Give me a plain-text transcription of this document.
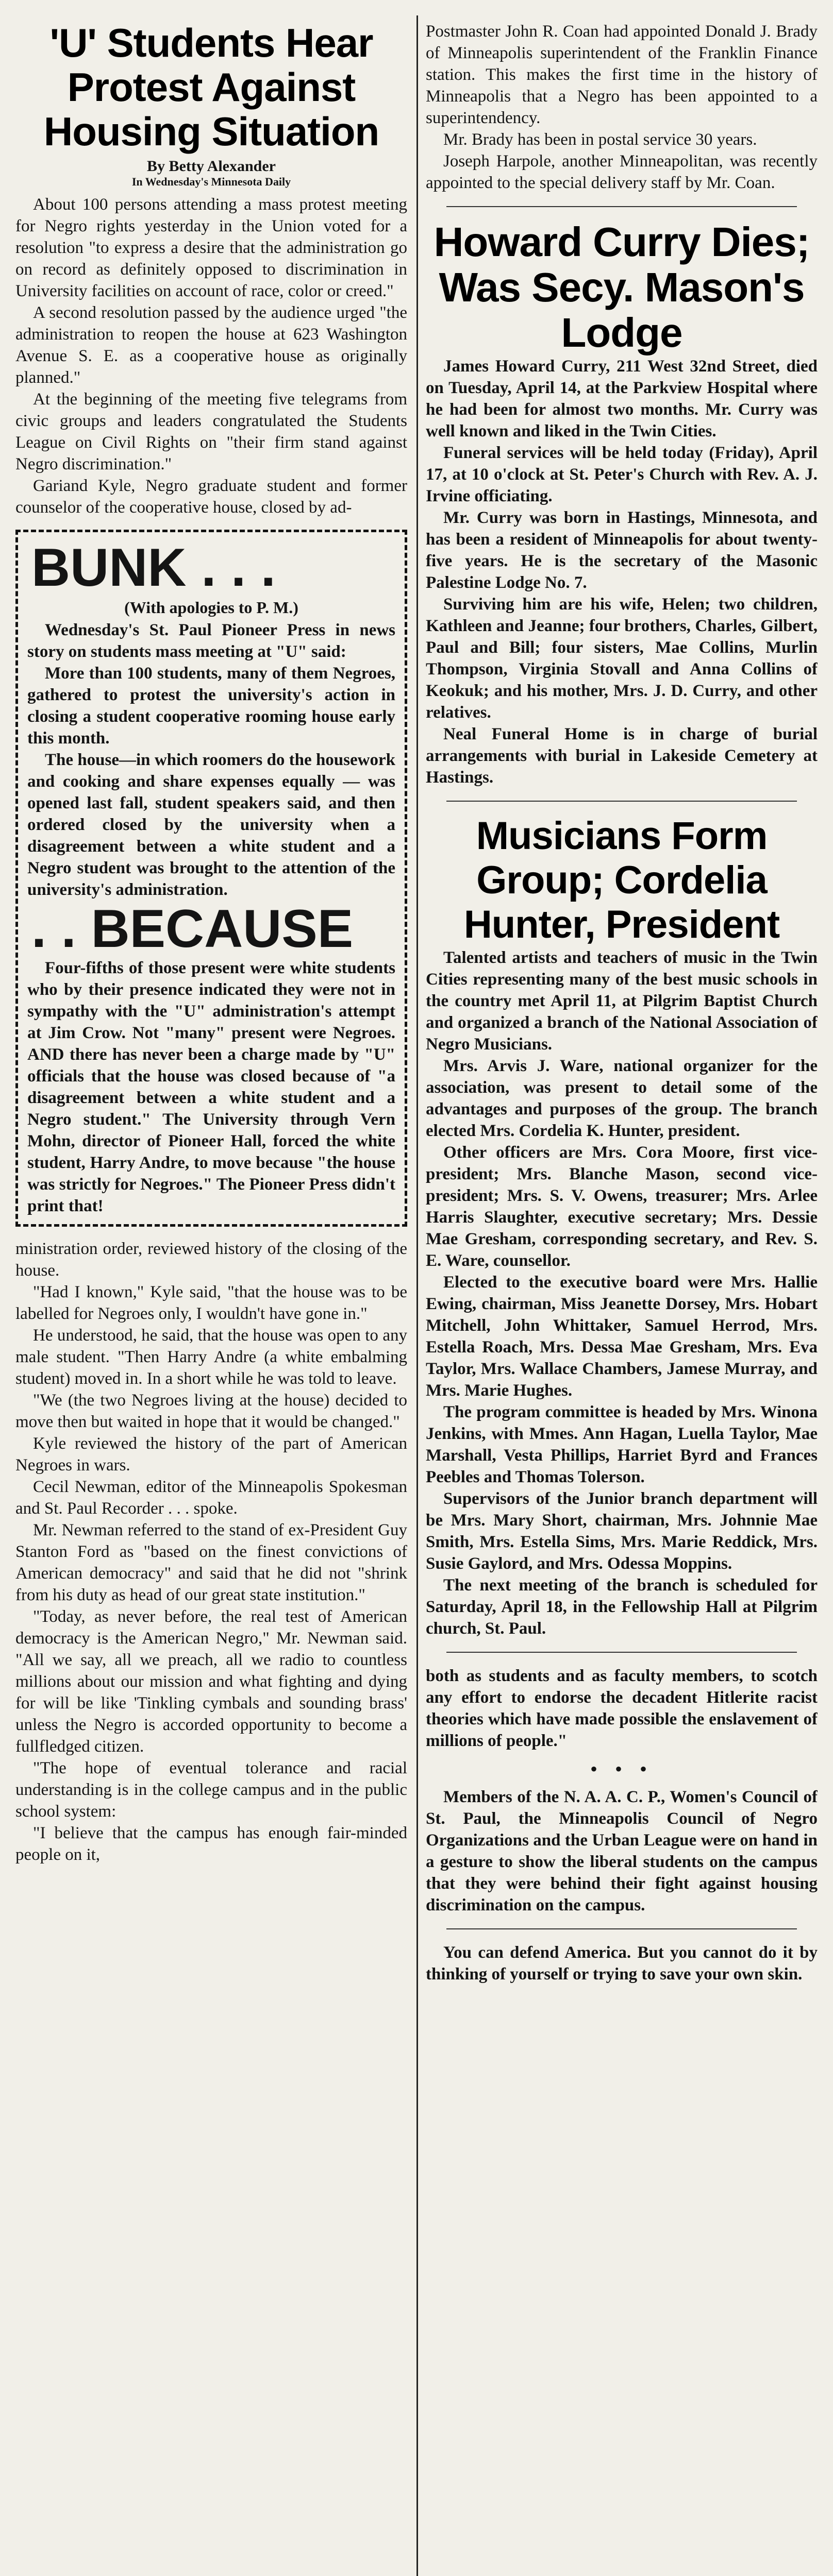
'U' Students Hear Protest Against Housing Situation

By Betty Alexander

In Wednesday's Minnesota Daily

About 100 persons attending a mass protest meeting for Negro rights yesterday in the Union voted for a resolution "to express a desire that the administration go on record as definitely opposed to discrimination in University facilities on account of race, color or creed."

A second resolution passed by the audience urged "the administration to reopen the house at 623 Washington Avenue S. E. as a cooperative house as originally planned."

At the beginning of the meeting five telegrams from civic groups and leaders congratulated the Students League on Civil Rights on "their firm stand against Negro discrimination."

Gariand Kyle, Negro graduate student and former counselor of the cooperative house, closed by ad-

BUNK . . .

(With apologies to P. M.)

Wednesday's St. Paul Pioneer Press in news story on students mass meeting at "U" said:

More than 100 students, many of them Negroes, gathered to protest the university's action in closing a student cooperative rooming house early this month.

The house—in which roomers do the housework and cooking and share expenses equally — was opened last fall, student speakers said, and then ordered closed by the university when a disagreement between a white student and a Negro student was brought to the attention of the university's administration.

. . BECAUSE

Four-fifths of those present were white students who by their presence indicated they were not in sympathy with the "U" administration's attempt at Jim Crow. Not "many" present were Negroes. AND there has never been a charge made by "U" officials that the house was closed because of "a disagreement between a white student and a Negro student." The University through Vern Mohn, director of Pioneer Hall, forced the white student, Harry Andre, to move because "the house was strictly for Negroes." The Pioneer Press didn't print that!

ministration order, reviewed history of the closing of the house.

"Had I known," Kyle said, "that the house was to be labelled for Negroes only, I wouldn't have gone in."

He understood, he said, that the house was open to any male student. "Then Harry Andre (a white embalming student) moved in. In a short while he was told to leave.

"We (the two Negroes living at the house) decided to move then but waited in hope that it would be changed."

Kyle reviewed the history of the part of American Negroes in wars.

Cecil Newman, editor of the Minneapolis Spokesman and St. Paul Recorder . . . spoke.

Mr. Newman referred to the stand of ex-President Guy Stanton Ford as "based on the finest convictions of American democracy" and said that he did not "shrink from his duty as head of our great state institution."

"Today, as never before, the real test of American democracy is the American Negro," Mr. Newman said. "All we say, all we preach, all we radio to countless millions about our mission and what fighting and dying for will be like 'Tinkling cymbals and sounding brass' unless the Negro is accorded opportunity to become a fullfledged citizen.

"The hope of eventual tolerance and racial understanding is in the college campus and in the public school system:

"I believe that the campus has enough fair-minded people on it,

Postmaster John R. Coan had appointed Donald J. Brady of Minneapolis superintendent of the Franklin Finance station. This makes the first time in the history of Minneapolis that a Negro has been appointed to a superintendency.

Mr. Brady has been in postal service 30 years.

Joseph Harpole, another Minneapolitan, was recently appointed to the special delivery staff by Mr. Coan.

Howard Curry Dies; Was Secy. Mason's Lodge

James Howard Curry, 211 West 32nd Street, died on Tuesday, April 14, at the Parkview Hospital where he had been for almost two months. Mr. Curry was well known and liked in the Twin Cities.

Funeral services will be held today (Friday), April 17, at 10 o'clock at St. Peter's Church with Rev. A. J. Irvine officiating.

Mr. Curry was born in Hastings, Minnesota, and has been a resident of Minneapolis for about twenty-five years. He is the secretary of the Masonic Palestine Lodge No. 7.

Surviving him are his wife, Helen; two children, Kathleen and Jeanne; four brothers, Charles, Gilbert, Paul and Bill; four sisters, Mae Collins, Murlin Thompson, Virginia Stovall and Anna Collins of Keokuk; and his mother, Mrs. J. D. Curry, and other relatives.

Neal Funeral Home is in charge of burial arrangements with burial in Lakeside Cemetery at Hastings.

Musicians Form Group; Cordelia Hunter, President

Talented artists and teachers of music in the Twin Cities representing many of the best music schools in the country met April 11, at Pilgrim Baptist Church and organized a branch of the National Association of Negro Musicians.

Mrs. Arvis J. Ware, national organizer for the association, was present to detail some of the advantages and purposes of the group. The branch elected Mrs. Cordelia K. Hunter, president.

Other officers are Mrs. Cora Moore, first vice-president; Mrs. Blanche Mason, second vice-president; Mrs. S. V. Owens, treasurer; Mrs. Arlee Harris Slaughter, executive secretary; Mrs. Dessie Mae Gresham, corresponding secretary, and Rev. S. E. Ware, counsellor.

Elected to the executive board were Mrs. Hallie Ewing, chairman, Miss Jeanette Dorsey, Mrs. Hobart Mitchell, John Whittaker, Samuel Herrod, Mrs. Estella Roach, Mrs. Dessa Mae Gresham, Mrs. Eva Taylor, Mrs. Wallace Chambers, Jamese Murray, and Mrs. Marie Hughes.

The program committee is headed by Mrs. Winona Jenkins, with Mmes. Ann Hagan, Luella Taylor, Mae Marshall, Vesta Phillips, Harriet Byrd and Frances Peebles and Thomas Tolerson.

Supervisors of the Junior branch department will be Mrs. Mary Short, chairman, Mrs. Johnnie Mae Smith, Mrs. Estella Sims, Mrs. Marie Reddick, Mrs. Susie Gaylord, and Mrs. Odessa Moppins.

The next meeting of the branch is scheduled for Saturday, April 18, in the Fellowship Hall at Pilgrim church, St. Paul.

both as students and as faculty members, to scotch any effort to endorse the decadent Hitlerite racist theories which have made possible the enslavement of millions of people."

• • •

Members of the N. A. A. C. P., Women's Council of St. Paul, the Minneapolis Council of Negro Organizations and the Urban League were on hand in a gesture to show the liberal students on the campus that they were behind their fight against housing discrimination on the campus.

You can defend America. But you cannot do it by thinking of yourself or trying to save your own skin.
